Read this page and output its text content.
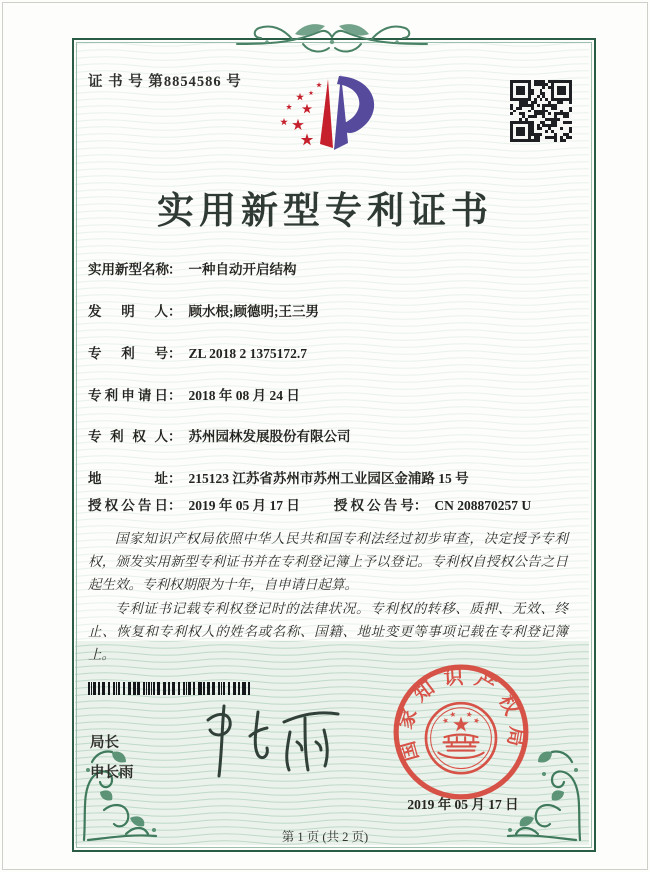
证 书 号 第8854586 号
实用新型专利证书
实用新型名称： 一种自动开启结构
发明人： 顾水根;顾德明;王三男
专利号： ZL 2018 2 1375172.7
专利申请日： 2018 年 08 月 24 日
专利权人： 苏州园林发展股份有限公司
地址： 215123 江苏省苏州市苏州工业园区金浦路 15 号
授权公告日： 2019 年 05 月 17 日	授权公告号： CN 208870257 U

国家知识产权局依照中华人民共和国专利法经过初步审查，决定授予专利权，颁发实用新型专利证书并在专利登记簿上予以登记。专利权自授权公告之日起生效。专利权期限为十年，自申请日起算。

专利证书记载专利权登记时的法律状况。专利权的转移、质押、无效、终止、恢复和专利权人的姓名或名称、国籍、地址变更等事项记载在专利登记簿上。

局长
申长雨
2019 年 05 月 17 日
国家知识产权局
第 1 页 (共 2 页)
